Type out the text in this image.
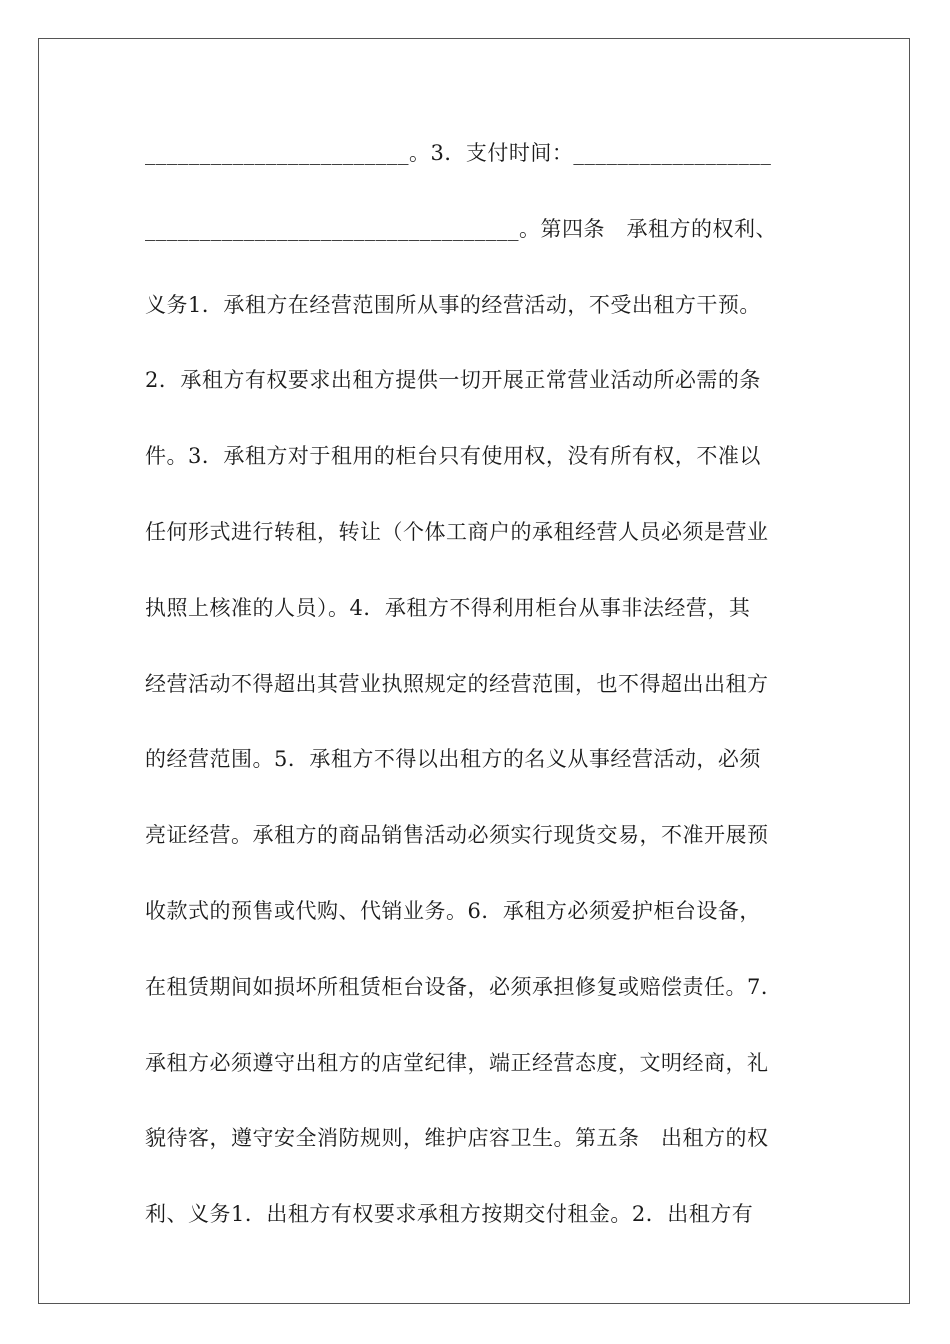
________________________。3．支付时间：__________________
__________________________________。第四条　承租方的权利、
义务1．承租方在经营范围所从事的经营活动，不受出租方干预。
2．承租方有权要求出租方提供一切开展正常营业活动所必需的条
件。3．承租方对于租用的柜台只有使用权，没有所有权，不准以
任何形式进行转租，转让（个体工商户的承租经营人员必须是营业
执照上核准的人员）。4．承租方不得利用柜台从事非法经营，其
经营活动不得超出其营业执照规定的经营范围，也不得超出出租方
的经营范围。5．承租方不得以出租方的名义从事经营活动，必须
亮证经营。承租方的商品销售活动必须实行现货交易，不准开展预
收款式的预售或代购、代销业务。6．承租方必须爱护柜台设备，
在租赁期间如损坏所租赁柜台设备，必须承担修复或赔偿责任。7．
承租方必须遵守出租方的店堂纪律，端正经营态度，文明经商，礼
貌待客，遵守安全消防规则，维护店容卫生。第五条　出租方的权
利、义务1．出租方有权要求承租方按期交付租金。2．出租方有
